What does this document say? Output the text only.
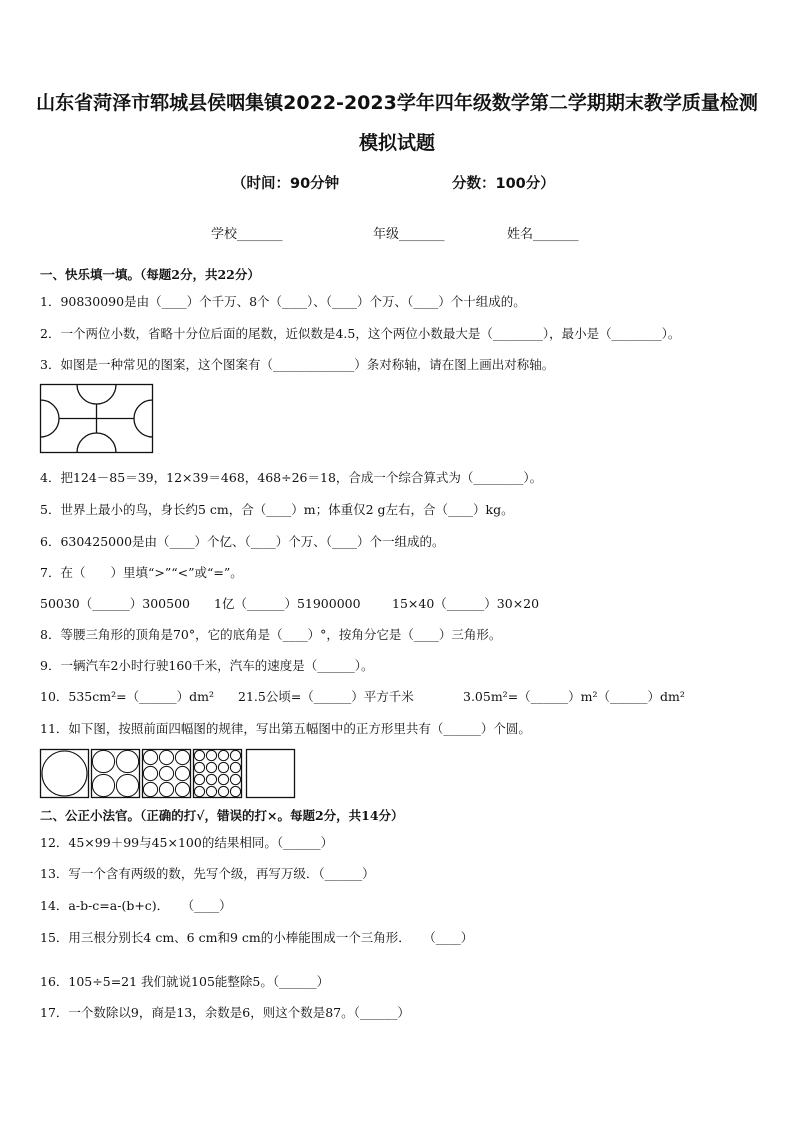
山东省菏泽市郓城县侯咽集镇2022-2023学年四年级数学第二学期期末教学质量检测
模拟试题
（时间：90分钟	分数：100分）
学校_______	年级_______	姓名_______
一、快乐填一填。（每题2分，共22分）
1．90830090是由（____）个千万、8个（____）、（____）个万、（____）个十组成的。
2．一个两位小数，省略十分位后面的尾数，近似数是4.5，这个两位小数最大是（________），最小是（________）。
3．如图是一种常见的图案，这个图案有（_____________）条对称轴，请在图上画出对称轴。
4．把124－85＝39，12×39＝468，468÷26＝18，合成一个综合算式为（________）。
5．世界上最小的鸟，身长约5 cm，合（____）m；体重仅2 g左右，合（____）kg。
6．630425000是由（____）个亿、（____）个万、（____）个一组成的。
7．在（　　）里填“>”“<”或“=”。
50030（______）300500 1亿（______）51900000	15×40（______）30×20
8．等腰三角形的顶角是70°，它的底角是（____）°，按角分它是（____）三角形。
9．一辆汽车2小时行驶160千米，汽车的速度是（______）。
10．535cm²=（______）dm² 21.5公顷=（______）平方千米	3.05m²=（______）m²（______）dm²
11．如下图，按照前面四幅图的规律，写出第五幅图中的正方形里共有（______）个圆。
二、公正小法官。（正确的打√，错误的打×。每题2分，共14分）
12．45×99＋99与45×100的结果相同。（______）
13．写一个含有两级的数，先写个级，再写万级．（______）
14．a-b-c=a-(b+c)．　　（____）
15．用三根分别长4 cm、6 cm和9 cm的小棒能围成一个三角形．　　（____）
16．105÷5=21 我们就说105能整除5。（______）
17．一个数除以9，商是13，余数是6，则这个数是87。（______）
